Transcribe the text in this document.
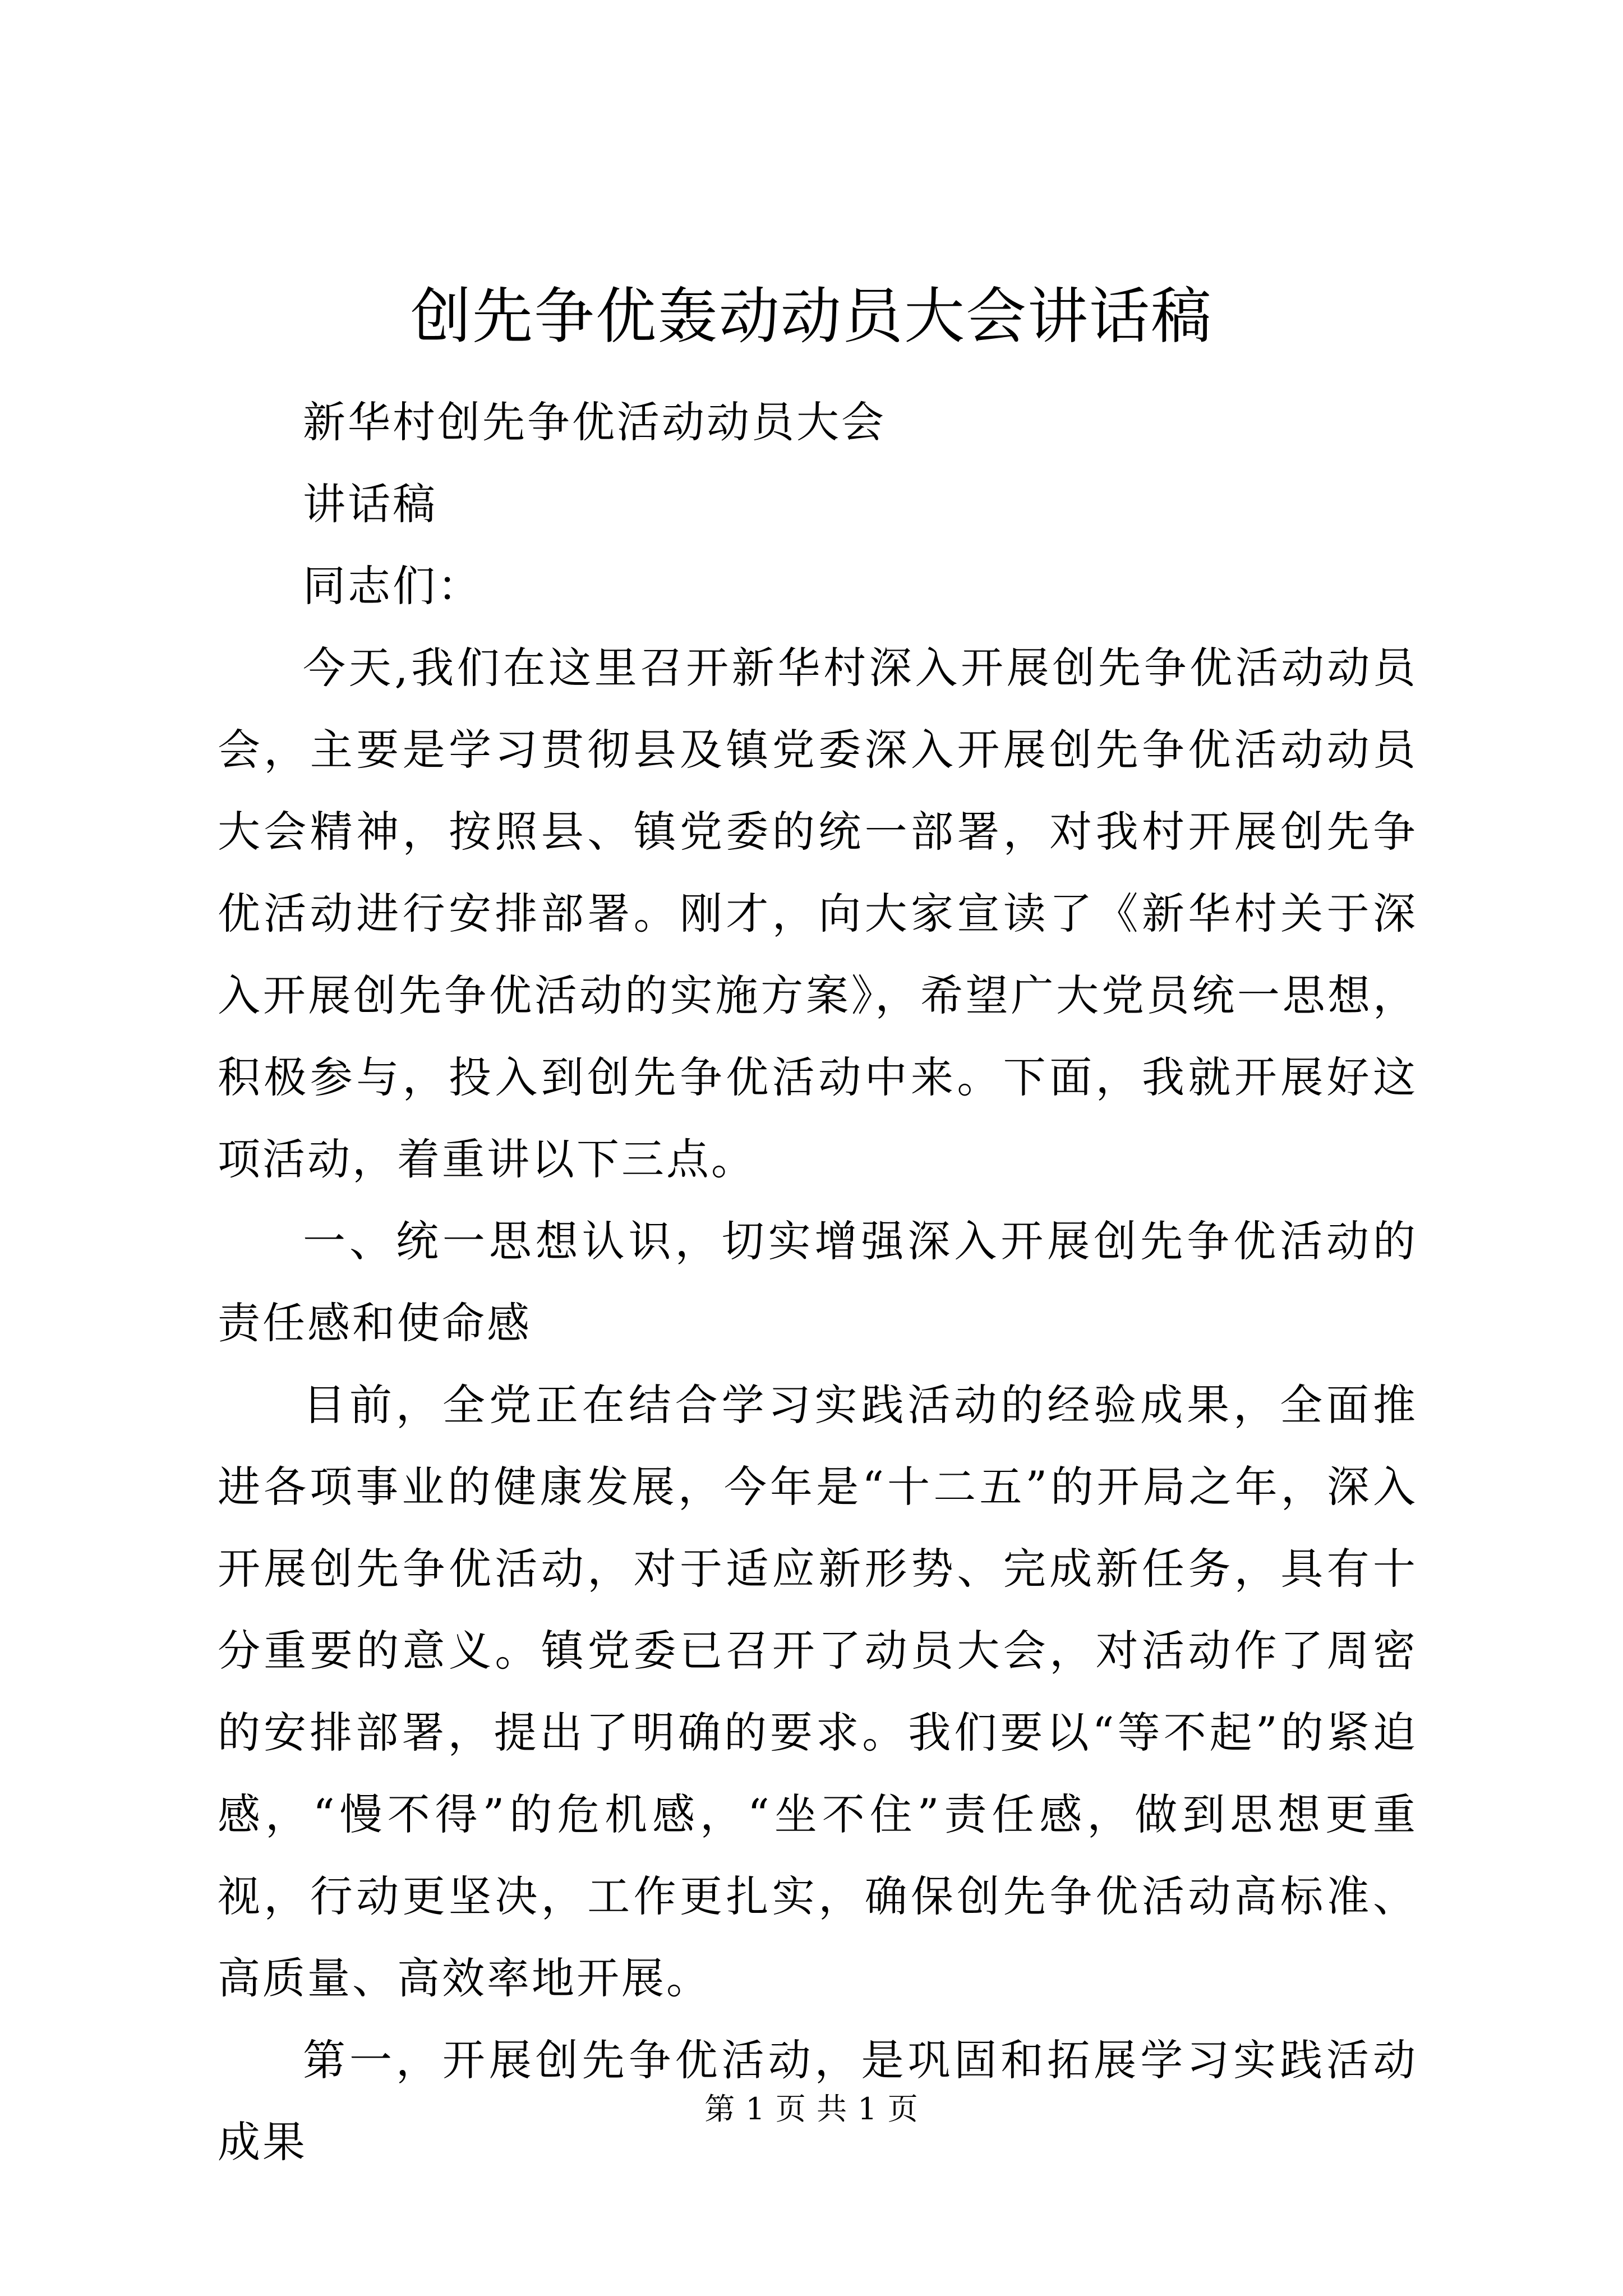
创先争优轰动动员大会讲话稿

新华村创先争优活动动员大会

讲话稿

同志们：

今天,我们在这里召开新华村深入开展创先争优活动动员会，主要是学习贯彻县及镇党委深入开展创先争优活动动员大会精神，按照县、镇党委的统一部署，对我村开展创先争优活动进行安排部署。刚才，向大家宣读了《新华村关于深入开展创先争优活动的实施方案》，希望广大党员统一思想，积极参与，投入到创先争优活动中来。下面，我就开展好这项活动，着重讲以下三点。

一、统一思想认识，切实增强深入开展创先争优活动的责任感和使命感

目前，全党正在结合学习实践活动的经验成果，全面推进各项事业的健康发展，今年是“十二五”的开局之年，深入开展创先争优活动，对于适应新形势、完成新任务，具有十分重要的意义。镇党委已召开了动员大会，对活动作了周密的安排部署，提出了明确的要求。我们要以“等不起”的紧迫感，“慢不得”的危机感，“坐不住”责任感，做到思想更重视，行动更坚决，工作更扎实，确保创先争优活动高标准、高质量、高效率地开展。

第一，开展创先争优活动，是巩固和拓展学习实践活动成果

第 1 页 共 1 页
